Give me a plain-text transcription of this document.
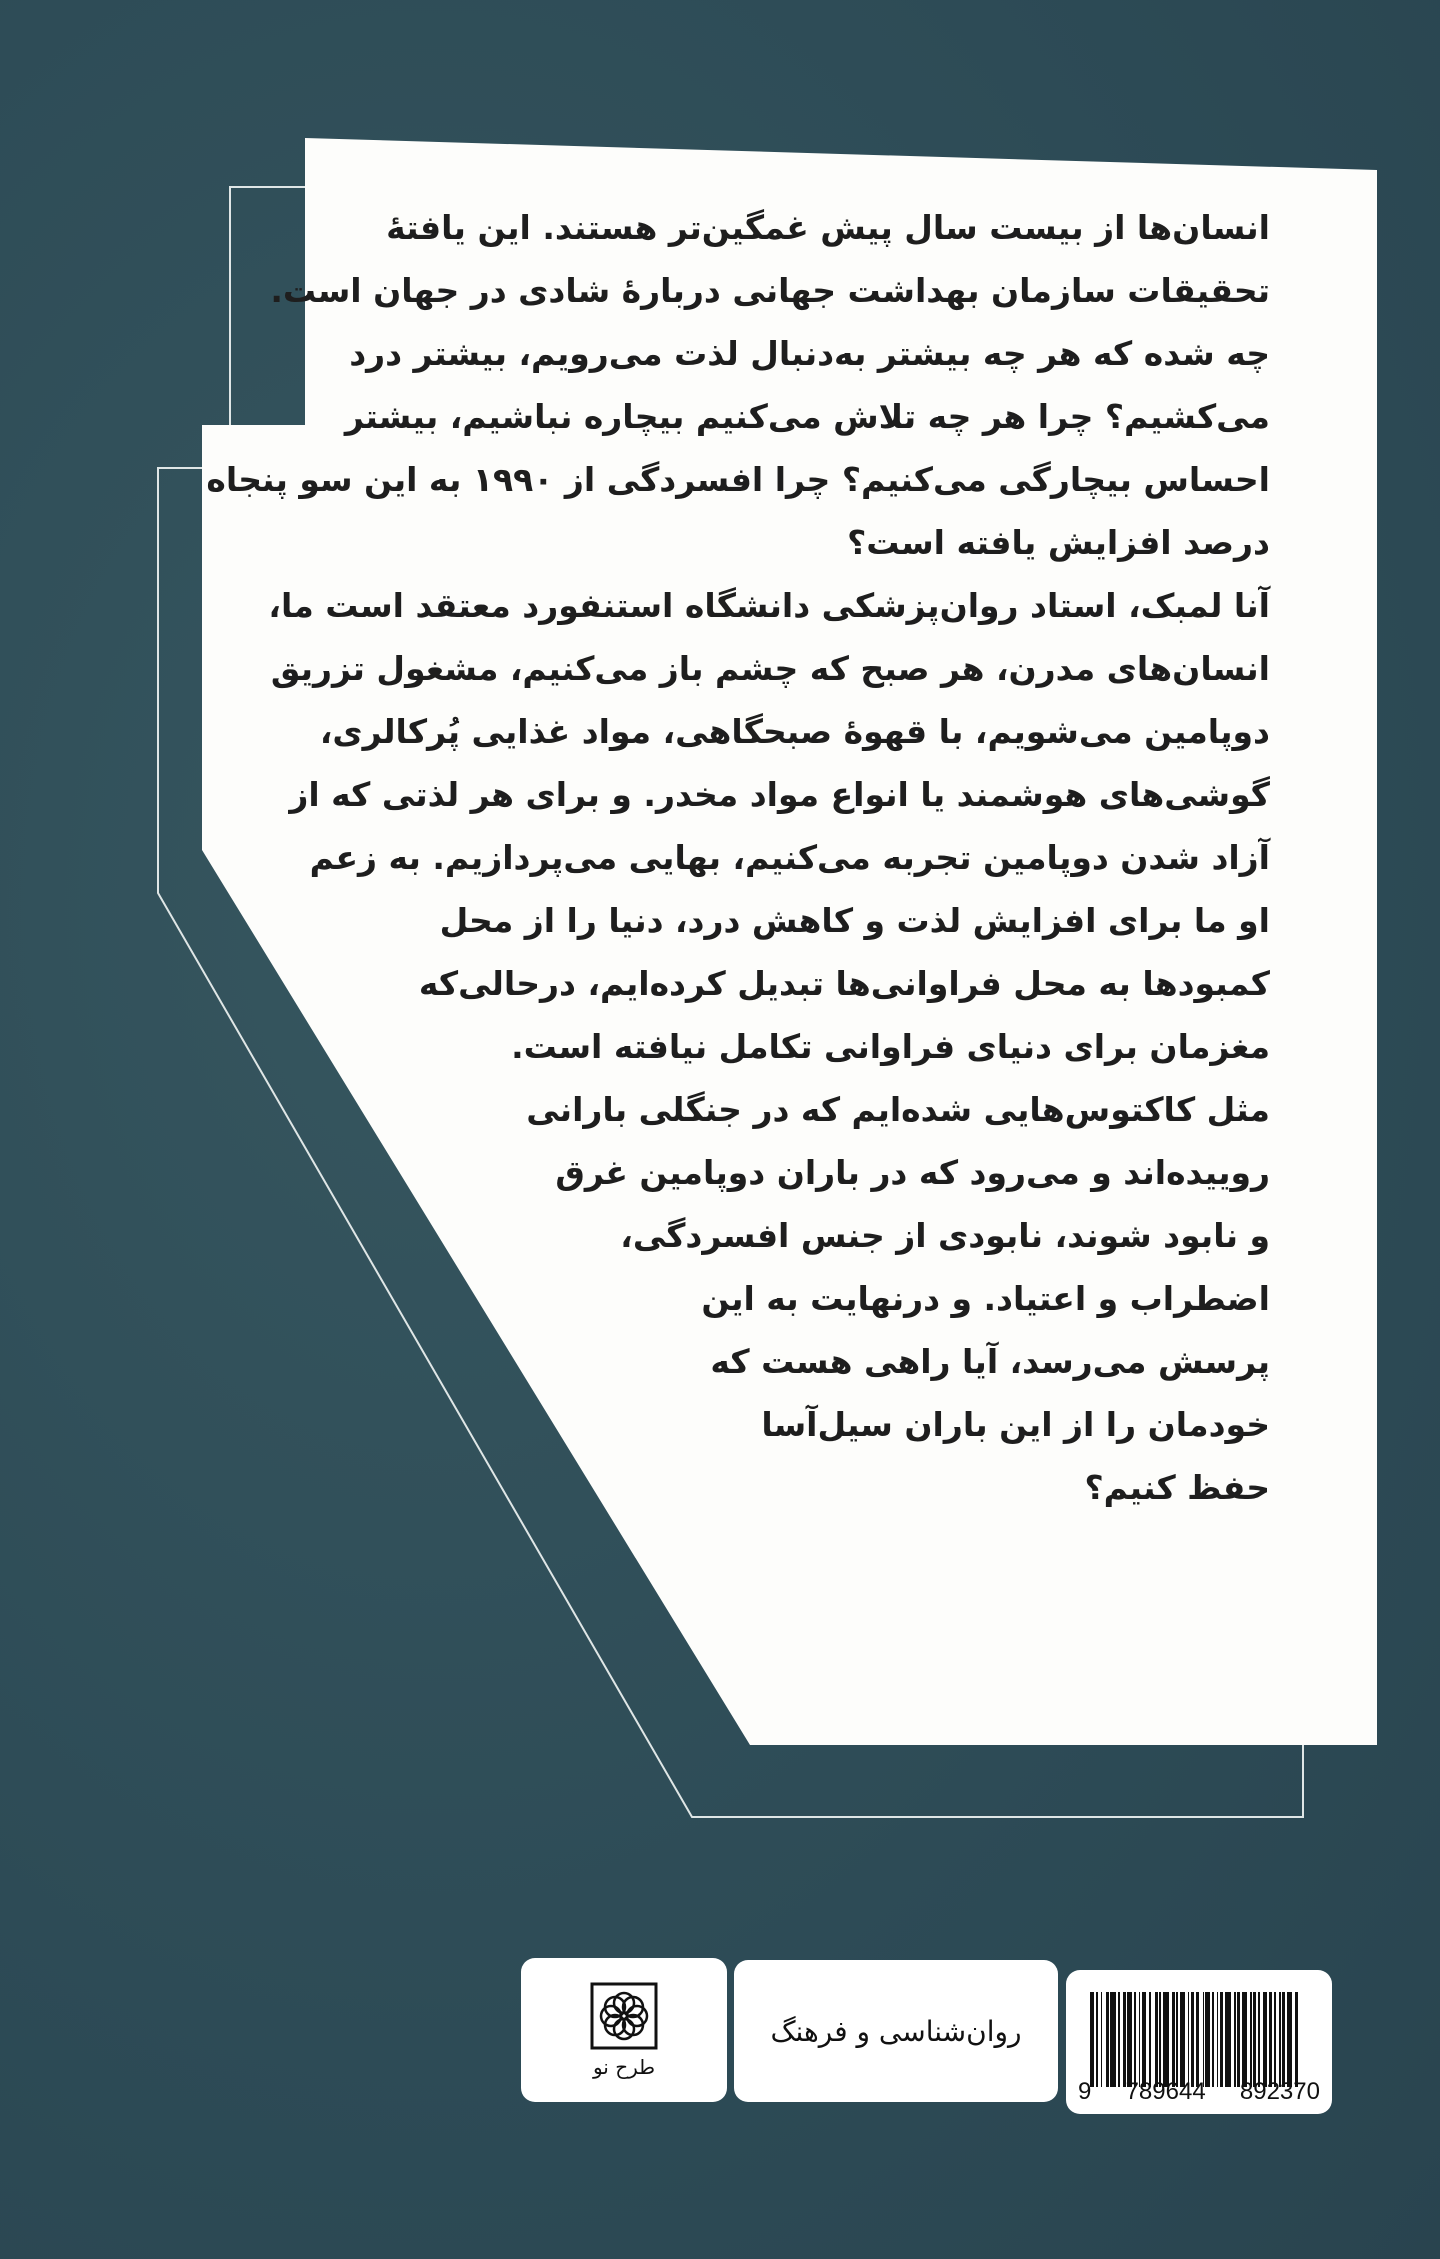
انسان‌ها از بیست سال پیش غمگین‌تر هستند. این یافتهٔ
تحقیقات سازمان بهداشت جهانی دربارهٔ شادی در جهان است.
چه شده که هر چه بیشتر به‌دنبال لذت می‌رویم، بیشتر درد
می‌کشیم؟ چرا هر چه تلاش می‌کنیم بیچاره نباشیم، بیشتر
احساس بیچارگی می‌کنیم؟ چرا افسردگی از ۱۹۹۰ به این سو پنجاه
درصد افزایش یافته است؟
آنا لمبک، استاد روان‌پزشکی دانشگاه استنفورد معتقد است ما،
انسان‌های مدرن، هر صبح که چشم باز می‌کنیم، مشغول تزریق
دوپامین می‌شویم، با قهوهٔ صبحگاهی، مواد غذایی پُرکالری،
گوشی‌های هوشمند یا انواع مواد مخدر. و برای هر لذتی که از
آزاد شدن دوپامین تجربه می‌کنیم، بهایی می‌پردازیم. به زعم
او ما برای افزایش لذت و کاهش درد، دنیا را از محل
کمبودها به محل فراوانی‌ها تبدیل کرده‌ایم، درحالی‌که
مغزمان برای دنیای فراوانی تکامل نیافته است.
مثل کاکتوس‌هایی شده‌ایم که در جنگلی بارانی
روییده‌اند و می‌رود که در باران دوپامین غرق
و نابود شوند، نابودی از جنس افسردگی،
اضطراب و اعتیاد. و درنهایت به این
پرسش می‌رسد، آیا راهی هست که
خودمان را از این باران سیل‌آسا
حفظ کنیم؟
طرح نو
روان‌شناسی و فرهنگ
9 789644 892370
